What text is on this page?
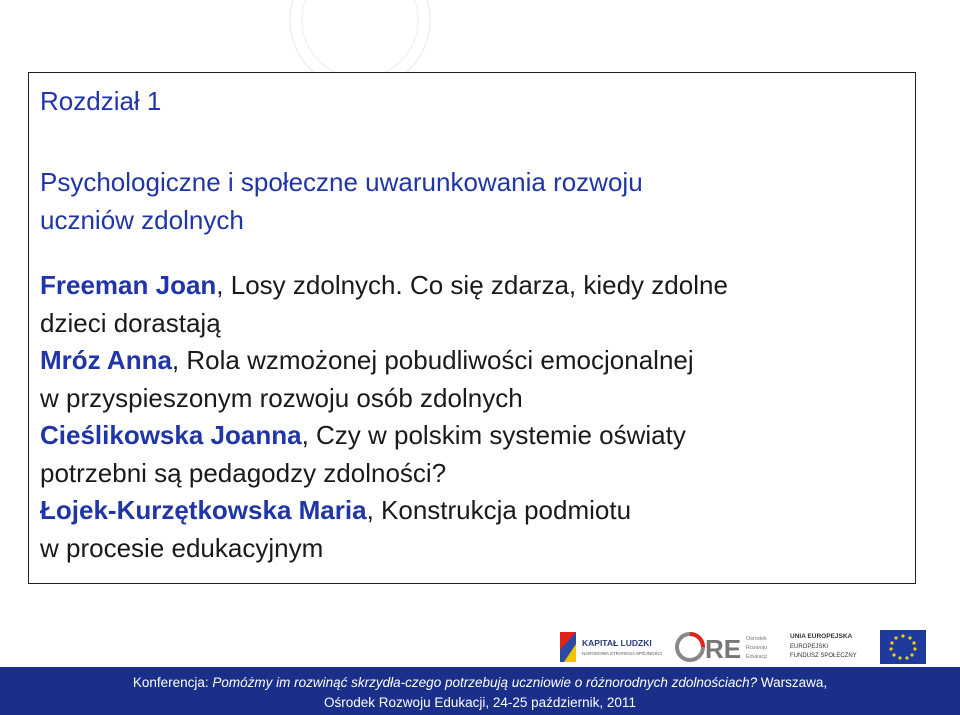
Rozdział 1

Psychologiczne i społeczne uwarunkowania rozwoju
uczniów zdolnych
Freeman Joan, Losy zdolnych. Co się zdarza, kiedy zdolne
dzieci dorastają
Mróz Anna, Rola wzmożonej pobudliwości emocjonalnej
w przyspieszonym rozwoju osób zdolnych
Cieślikowska Joanna, Czy w polskim systemie oświaty
potrzebni są pedagodzy zdolności?
Łojek-Kurzętkowska Maria, Konstrukcja podmiotu
w procesie edukacyjnym
KAPITAŁ LUDZKI
NARODOWA STRATEGIA SPÓJNOŚCI RE Ośrodek
Rozwoju
Edukacji
UNIA EUROPEJSKA
EUROPEJSKI
FUNDUSZ SPOŁECZNY
Konferencja: Pomóżmy im rozwinąć skrzydła-czego potrzebują uczniowie o różnorodnych zdolnościach? Warszawa,
Ośrodek Rozwoju Edukacji, 24-25 październik, 2011
